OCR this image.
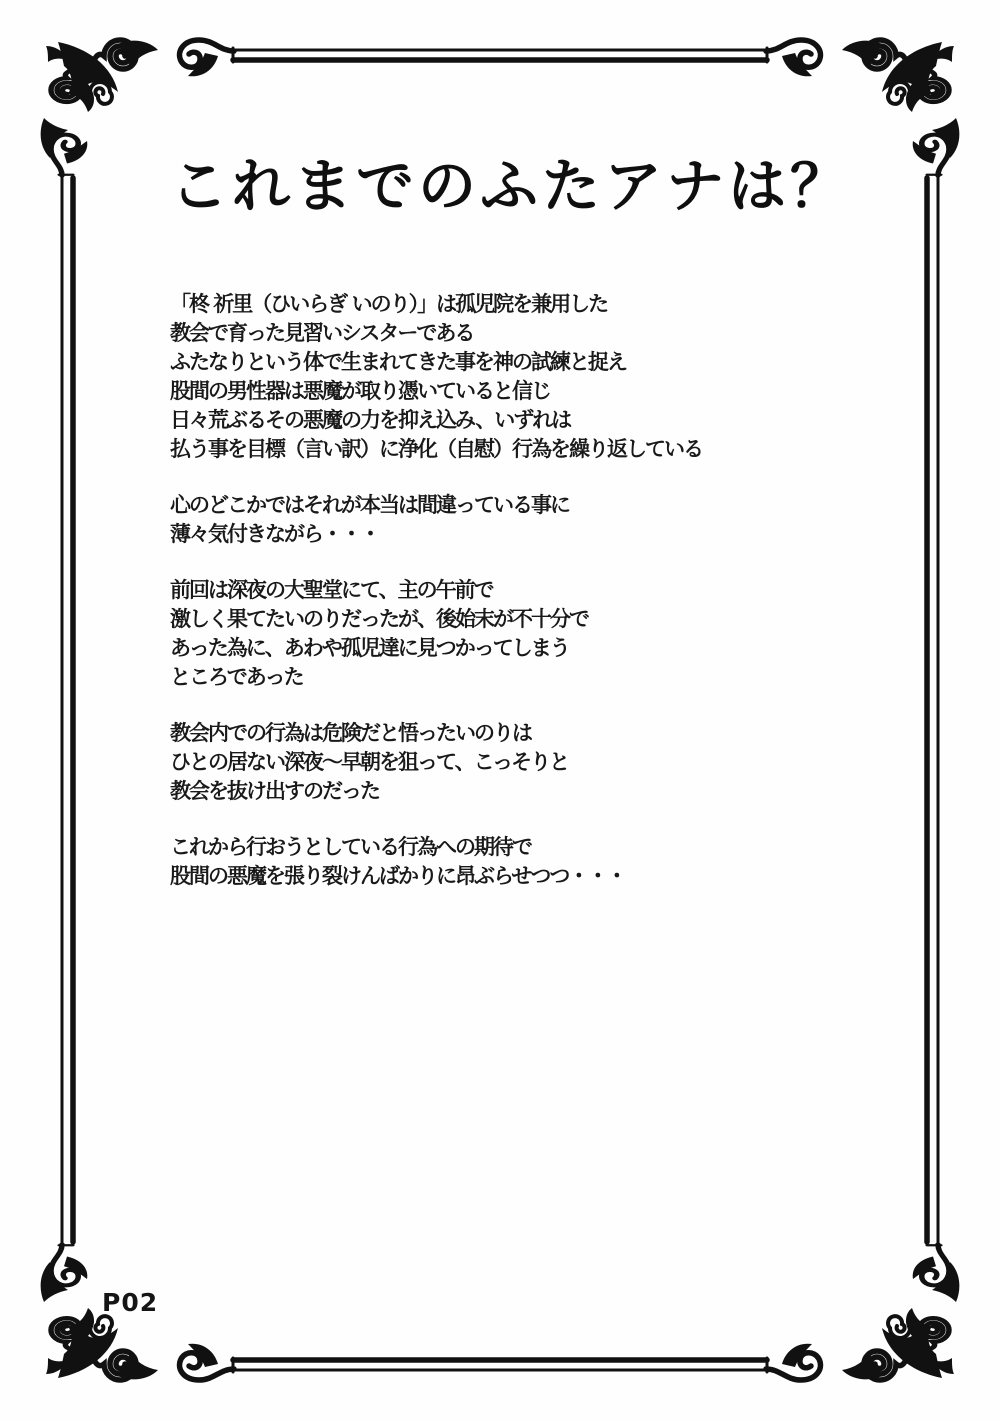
これまでのふたアナは？
「柊 祈里（ひいらぎ いのり）」は孤児院を兼用した
教会で育った見習いシスターである
ふたなりという体で生まれてきた事を神の試練と捉え
股間の男性器は悪魔が取り憑いていると信じ
日々荒ぶるその悪魔の力を抑え込み、いずれは
払う事を目標（言い訳）に浄化（自慰）行為を繰り返している
心のどこかではそれが本当は間違っている事に
薄々気付きながら・・・
前回は深夜の大聖堂にて、主の午前で
激しく果てたいのりだったが、後始末が不十分で
あった為に、あわや孤児達に見つかってしまう
ところであった
教会内での行為は危険だと悟ったいのりは
ひとの居ない深夜～早朝を狙って、こっそりと
教会を抜け出すのだった
これから行おうとしている行為への期待で
股間の悪魔を張り裂けんばかりに昂ぶらせつつ・・・
P02
